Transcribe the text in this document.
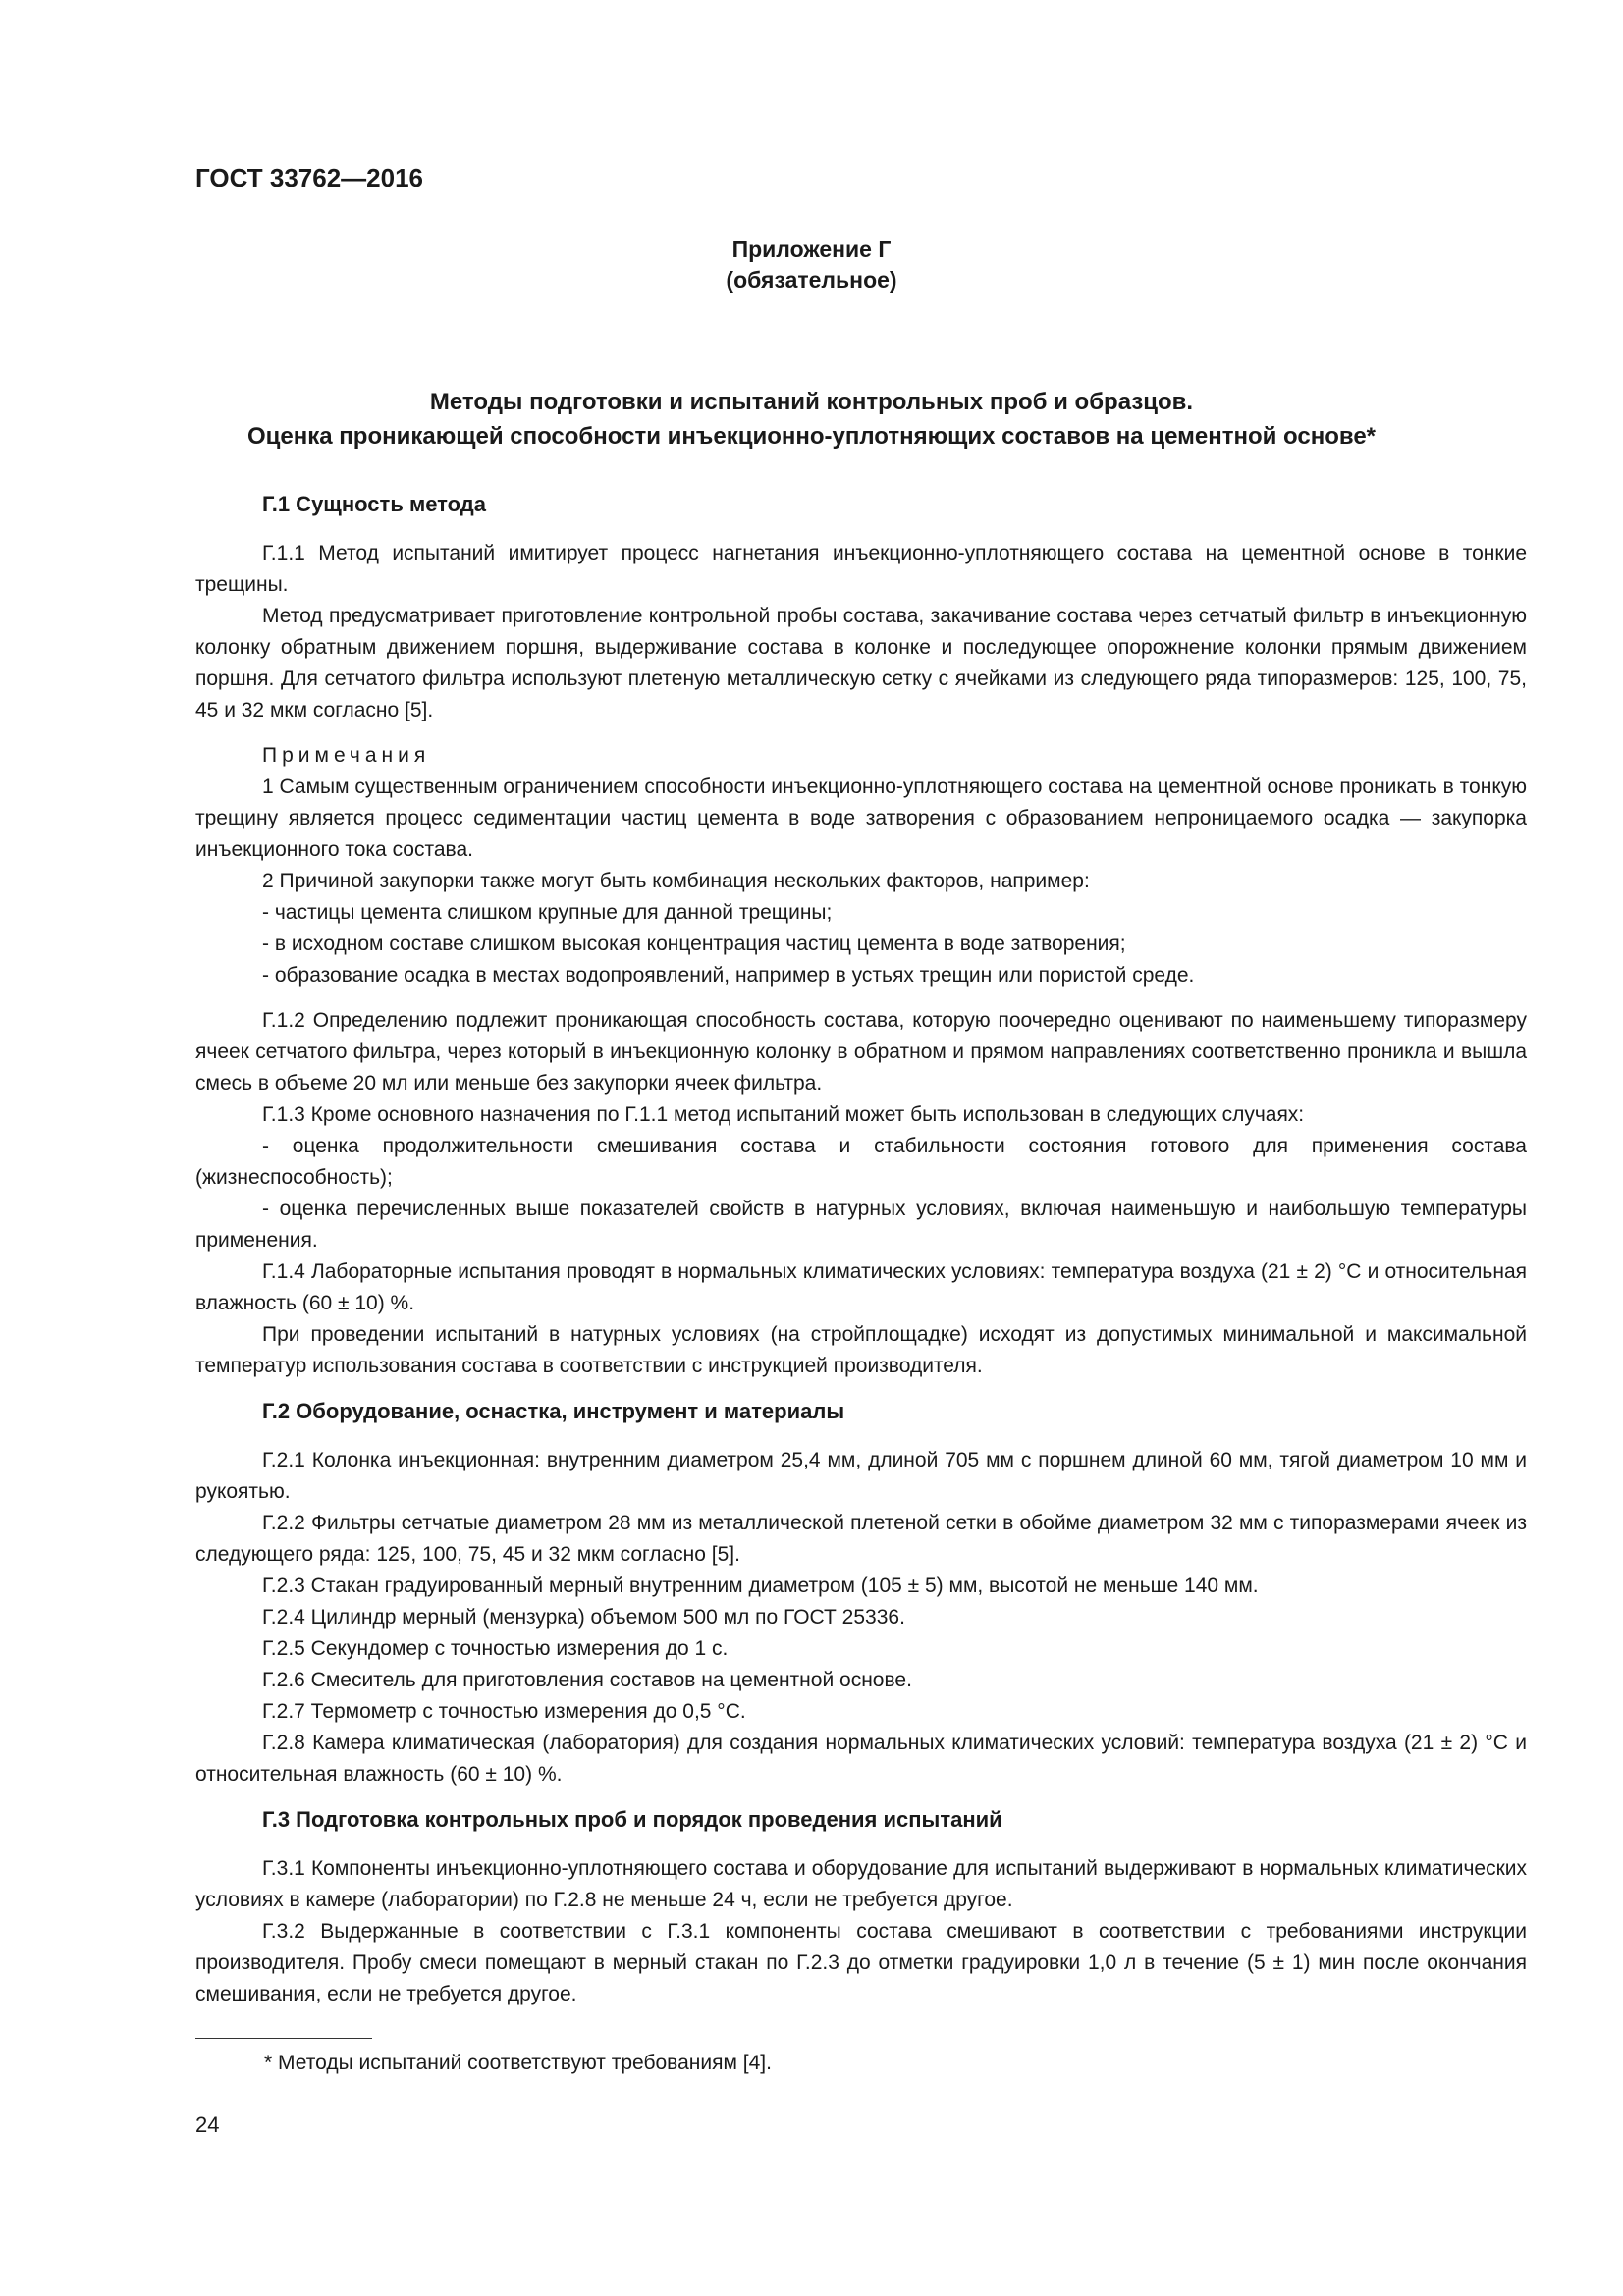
ГОСТ 33762—2016
Приложение Г
(обязательное)
Методы подготовки и испытаний контрольных проб и образцов.
Оценка проникающей способности инъекционно-уплотняющих составов на цементной основе*
Г.1 Сущность метода

Г.1.1 Метод испытаний имитирует процесс нагнетания инъекционно-уплотняющего состава на цементной основе в тонкие трещины.

Метод предусматривает приготовление контрольной пробы состава, закачивание состава через сетчатый фильтр в инъекционную колонку обратным движением поршня, выдерживание состава в колонке и последующее опорожнение колонки прямым движением поршня. Для сетчатого фильтра используют плетеную металлическую сетку с ячейками из следующего ряда типоразмеров: 125, 100, 75, 45 и 32 мкм согласно [5].

Примечания

1 Самым существенным ограничением способности инъекционно-уплотняющего состава на цементной основе проникать в тонкую трещину является процесс седиментации частиц цемента в воде затворения с образованием непроницаемого осадка — закупорка инъекционного тока состава.

2 Причиной закупорки также могут быть комбинация нескольких факторов, например:

- частицы цемента слишком крупные для данной трещины;

- в исходном составе слишком высокая концентрация частиц цемента в воде затворения;

- образование осадка в местах водопроявлений, например в устьях трещин или пористой среде.

Г.1.2 Определению подлежит проникающая способность состава, которую поочередно оценивают по наименьшему типоразмеру ячеек сетчатого фильтра, через который в инъекционную колонку в обратном и прямом направлениях соответственно проникла и вышла смесь в объеме 20 мл или меньше без закупорки ячеек фильтра.

Г.1.3 Кроме основного назначения по Г.1.1 метод испытаний может быть использован в следующих случаях:

- оценка продолжительности смешивания состава и стабильности состояния готового для применения состава (жизнеспособность);

- оценка перечисленных выше показателей свойств в натурных условиях, включая наименьшую и наибольшую температуры применения.

Г.1.4 Лабораторные испытания проводят в нормальных климатических условиях: температура воздуха (21 ± 2) °С и относительная влажность (60 ± 10) %.

При проведении испытаний в натурных условиях (на стройплощадке) исходят из допустимых минимальной и максимальной температур использования состава в соответствии с инструкцией производителя.

Г.2 Оборудование, оснастка, инструмент и материалы

Г.2.1 Колонка инъекционная: внутренним диаметром 25,4 мм, длиной 705 мм с поршнем длиной 60 мм, тягой диаметром 10 мм и рукоятью.

Г.2.2 Фильтры сетчатые диаметром 28 мм из металлической плетеной сетки в обойме диаметром 32 мм с типоразмерами ячеек из следующего ряда: 125, 100, 75, 45 и 32 мкм согласно [5].

Г.2.3 Стакан градуированный мерный внутренним диаметром (105 ± 5) мм, высотой не меньше 140 мм.

Г.2.4 Цилиндр мерный (мензурка) объемом 500 мл по ГОСТ 25336.

Г.2.5 Секундомер с точностью измерения до 1 с.

Г.2.6 Смеситель для приготовления составов на цементной основе.

Г.2.7 Термометр с точностью измерения до 0,5 °С.

Г.2.8 Камера климатическая (лаборатория) для создания нормальных климатических условий: температура воздуха (21 ± 2) °С и относительная влажность (60 ± 10) %.

Г.3 Подготовка контрольных проб и порядок проведения испытаний

Г.3.1 Компоненты инъекционно-уплотняющего состава и оборудование для испытаний выдерживают в нормальных климатических условиях в камере (лаборатории) по Г.2.8 не меньше 24 ч, если не требуется другое.

Г.3.2 Выдержанные в соответствии с Г.3.1 компоненты состава смешивают в соответствии с требованиями инструкции производителя. Пробу смеси помещают в мерный стакан по Г.2.3 до отметки градуировки 1,0 л в течение (5 ± 1) мин после окончания смешивания, если не требуется другое.

* Методы испытаний соответствуют требованиям [4].
24
